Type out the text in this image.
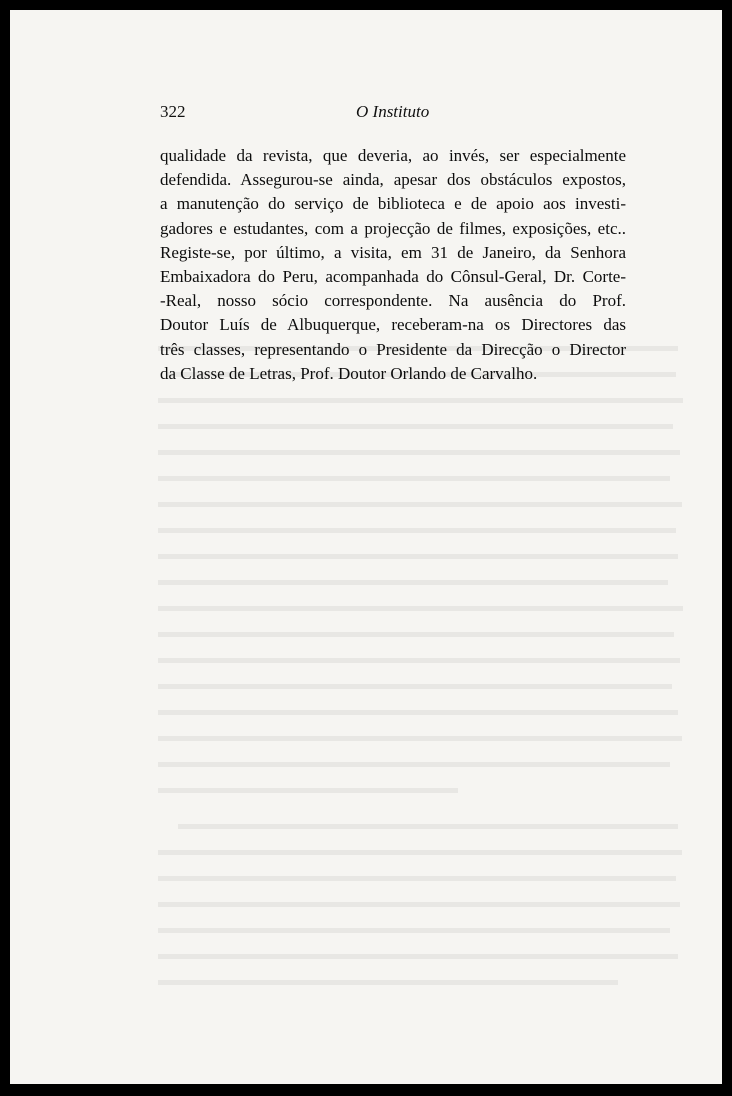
322	O Instituto
qualidade da revista, que deveria, ao invés, ser especialmente
defendida. Assegurou-se ainda, apesar dos obstáculos expostos,
a manutenção do serviço de biblioteca e de apoio aos investi-
gadores e estudantes, com a projecção de filmes, exposições, etc..
Registe-se, por último, a visita, em 31 de Janeiro, da Senhora
Embaixadora do Peru, acompanhada do Cônsul-Geral, Dr. Corte-
-Real, nosso sócio correspondente. Na ausência do Prof.
Doutor Luís de Albuquerque, receberam-na os Directores das
três classes, representando o Presidente da Direcção o Director
da Classe de Letras, Prof. Doutor Orlando de Carvalho.
